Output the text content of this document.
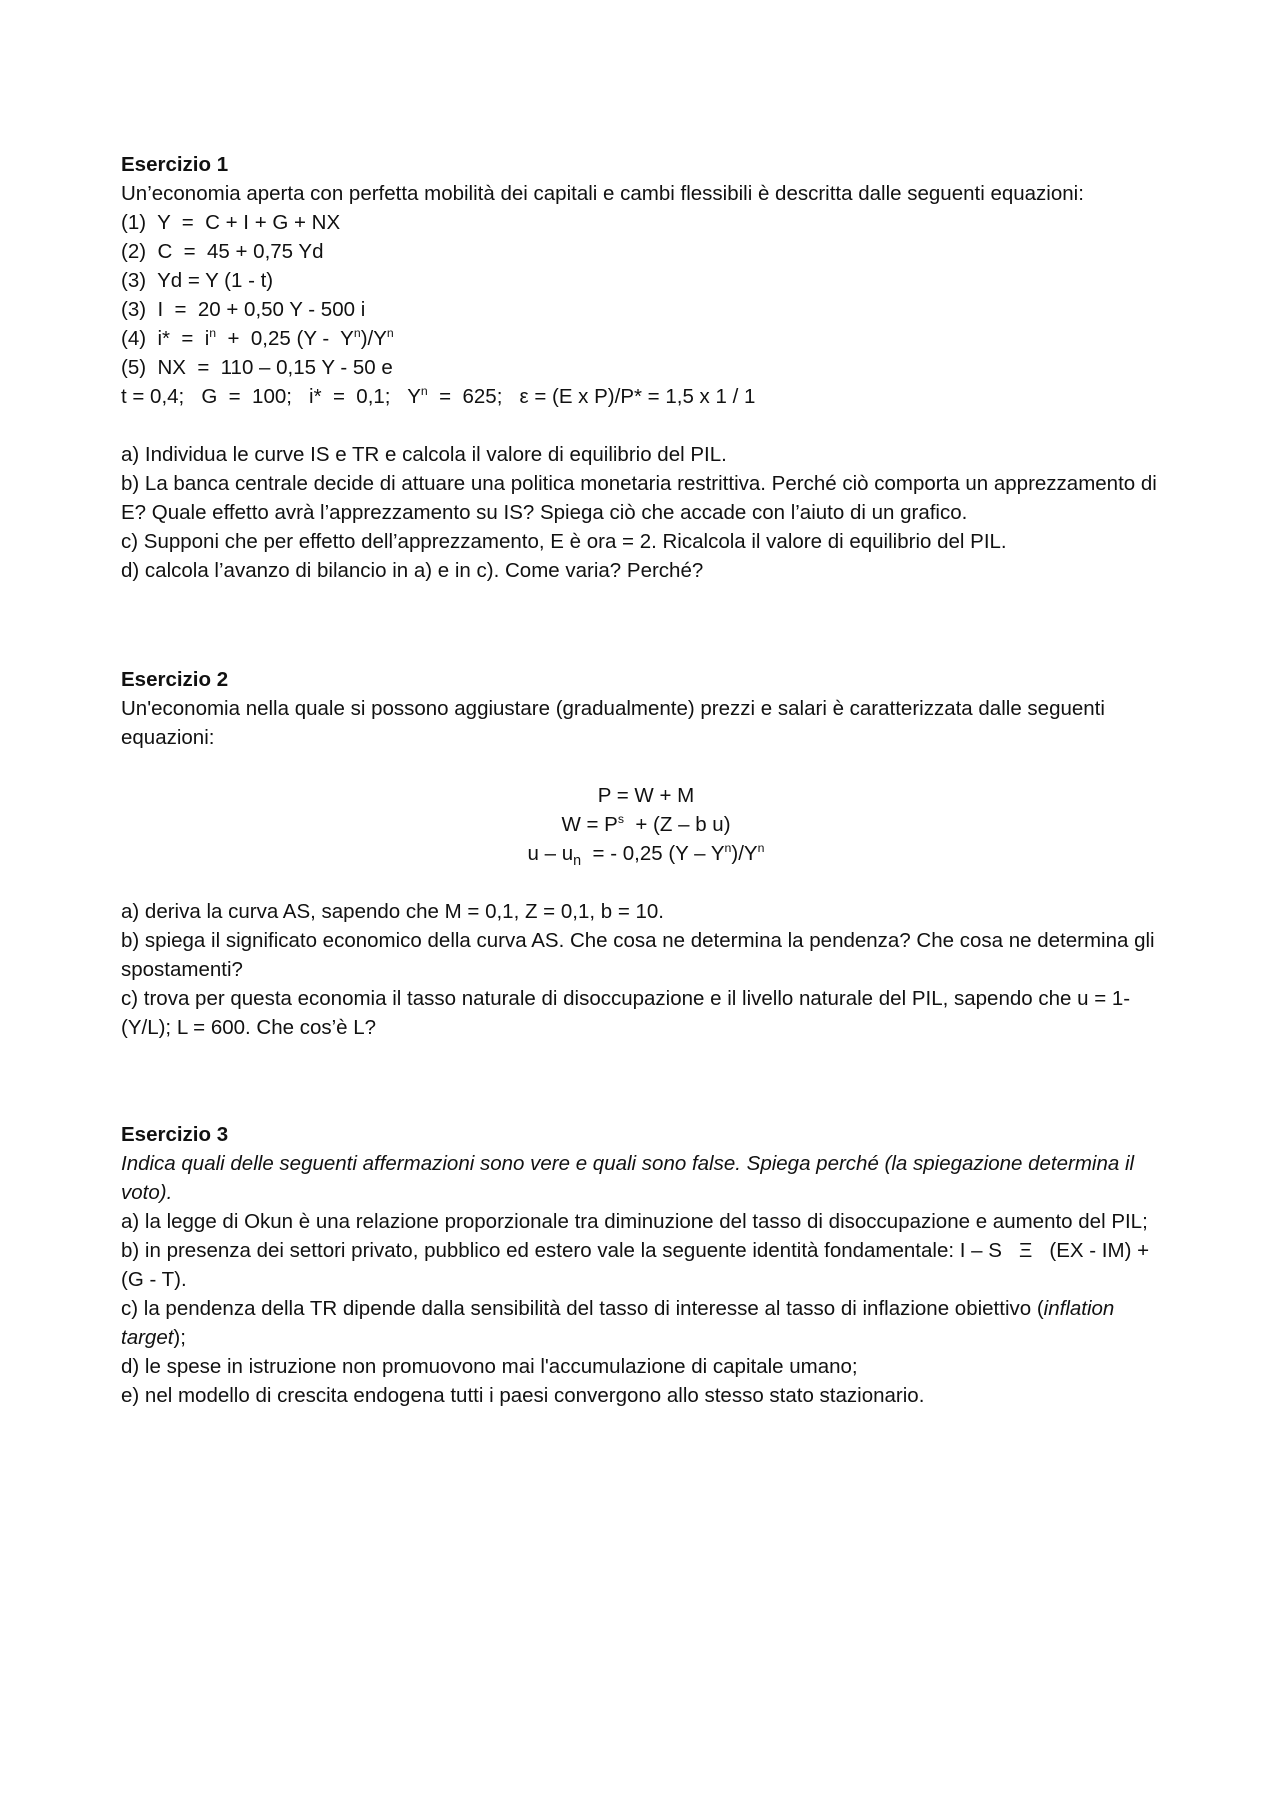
Esercizio 1
Un’economia aperta con perfetta mobilità dei capitali e cambi flessibili è descritta dalle seguenti equazioni:
(1)  Y  =  C + I + G + NX
(2)  C  =  45 + 0,75 Yd
(3)  Yd = Y (1 - t)
(3)  I  =  20 + 0,50 Y - 500 i
(4)  $i* = i^n + 0,25$ $(Y - Y^n)/Y^n$
(5)  NX  =  110 – 0,15 Y - 50 e
t = 0,4;   G  =  100;   i*  =  0,1;   $Y^n = 625$;   ε = (E x P)/P* = 1,5 x 1 / 1
a) Individua le curve IS e TR e calcola il valore di equilibrio del PIL.
b) La banca centrale decide di attuare una politica monetaria restrittiva. Perché ciò comporta un apprezzamento di E? Quale effetto avrà l’apprezzamento su IS? Spiega ciò che accade con l’aiuto di un grafico.
c) Supponi che per effetto dell’apprezzamento, E è ora = 2. Ricalcola il valore di equilibrio del PIL.
d) calcola l’avanzo di bilancio in a) e in c). Come varia? Perché?
Esercizio 2
Un'economia nella quale si possono aggiustare (gradualmente) prezzi e salari è caratterizzata dalle seguenti equazioni:
P = W + M
$W = P^s + (Z - b$ u)
u – $u_n$  = - 0,25 $(Y - Y^n)/Y^n$
a) deriva la curva AS, sapendo che M = 0,1, Z = 0,1, b = 10.
b) spiega il significato economico della curva AS. Che cosa ne determina la pendenza? Che cosa ne determina gli spostamenti?
c) trova per questa economia il tasso naturale di disoccupazione e il livello naturale del PIL, sapendo che u = 1-(Y/L); L = 600. Che cos’è L?
Esercizio 3
Indica quali delle seguenti affermazioni sono vere e quali sono false. Spiega perché (la spiegazione determina il voto).
a) la legge di Okun è una relazione proporzionale tra diminuzione del tasso di disoccupazione e aumento del PIL;
b) in presenza dei settori privato, pubblico ed estero vale la seguente identità fondamentale: I – S   Ξ   (EX - IM) + (G - T).
c) la pendenza della TR dipende dalla sensibilità del tasso di interesse al tasso di inflazione obiettivo (inflation target);
d) le spese in istruzione non promuovono mai l'accumulazione di capitale umano;
e) nel modello di crescita endogena tutti i paesi convergono allo stesso stato stazionario.
